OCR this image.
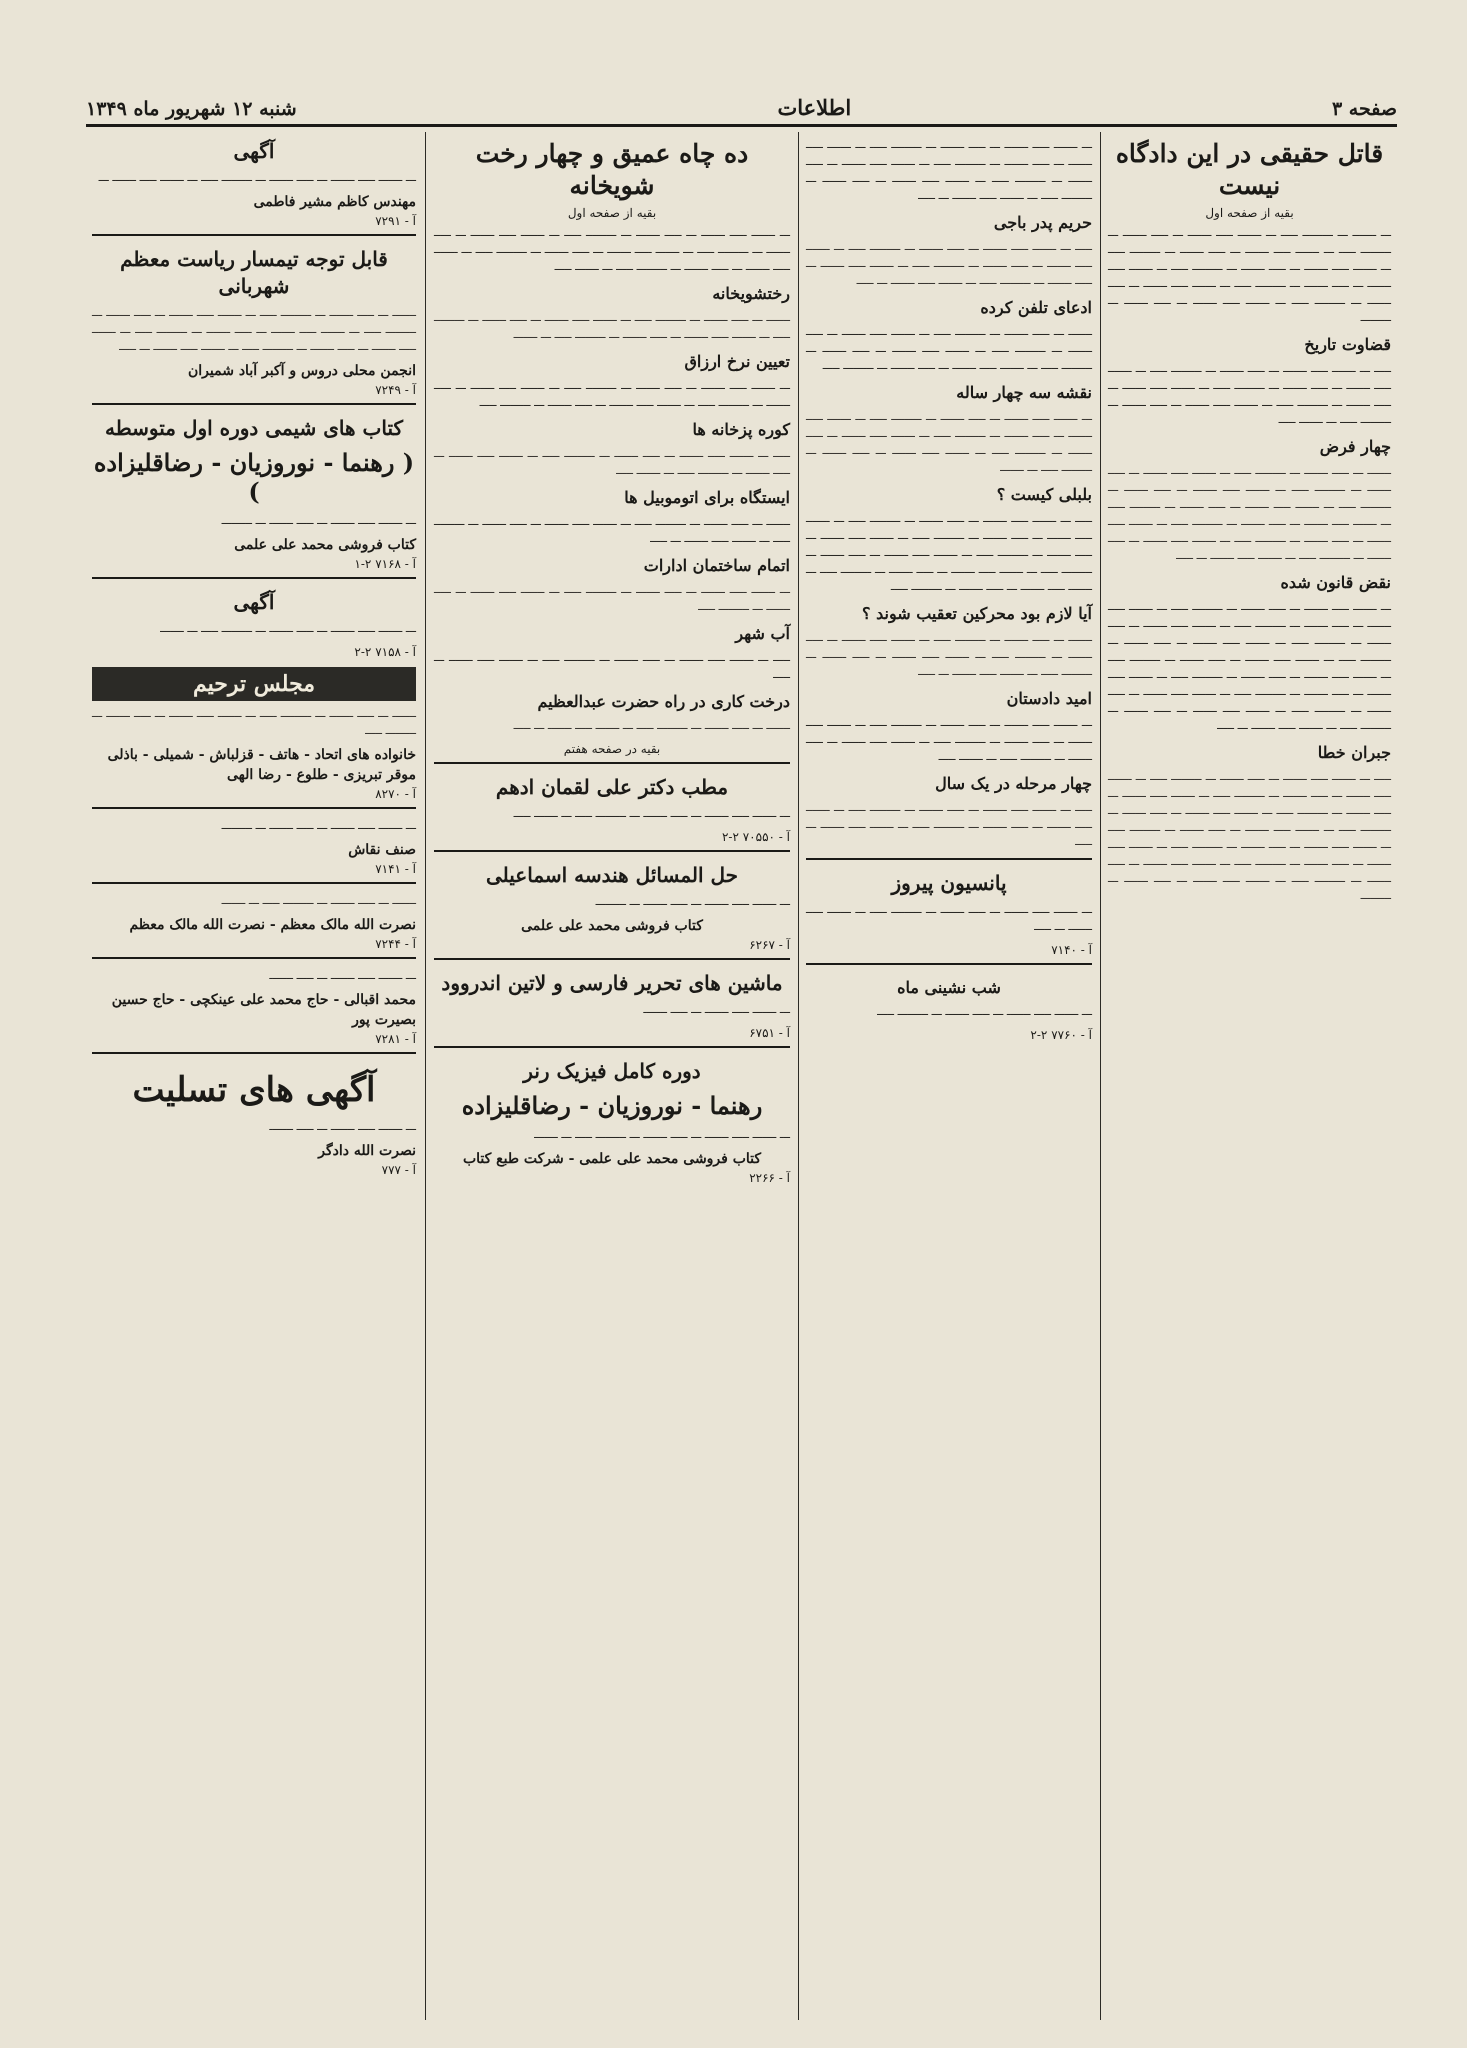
صفحه ۳
اطلاعات
شنبه ۱۲ شهریور ماه ۱۳۴۹
قاتل حقیقی در این دادگاه نیست
بقیه از صفحه اول
ـــ ـــــــ ـــ ـــــــــ ـــــ ـــ ـــــــ ـــــ ـــــــ ـــ ـــــ ـــــــ ـــ ـــــــــ ـــــ ـــ ـــــــ ـــــ ـــــــ ـــ ـــــ ـــــــ ـــ ـــــــــ ـــــ ـــ ـــــــ ـــــ ـــــــ ـــ ـــــ ـــــــ ـــ ـــــــــ ـــــ ـــ ـــــــ ـــــ ـــــــ ـــ ـــــ ـــــــ ـــ ـــــــــ ـــــ ـــ ـــــــ ـــــ ـــــــ ـــ ـــــ ـــــــ ـــ ـــــــــ ـــــ ـــ ـــــــ ـــــ ـــــــ ـــ ـــــ ـــــــ ـــ ـــــــــ
قضاوت تاریخ
ـــــ ـــ ـــــــ ـــــ ـــــــ ـــ ـــــ ـــــــ ـــ ـــــــــ ـــــ ـــ ـــــــ ـــــ ـــــــ ـــ ـــــ ـــــــ ـــ ـــــــــ ـــــ ـــ ـــــــ ـــــ ـــــــ ـــ ـــــ ـــــــ ـــ ـــــــــ ـــــ ـــ ـــــــ ـــــ ـــــــ ـــ ـــــ ـــــــ ـــ ـــــــــ ـــــ ـــ ـــــــ ـــــ
چهار فرض
ـــــــ ـــ ـــــ ـــــــ ـــ ـــــــــ ـــــ ـــ ـــــــ ـــــ ـــــــ ـــ ـــــ ـــــــ ـــ ـــــــــ ـــــ ـــ ـــــــ ـــــ ـــــــ ـــ ـــــ ـــــــ ـــ ـــــــــ ـــــ ـــ ـــــــ ـــــ ـــــــ ـــ ـــــ ـــــــ ـــ ـــــــــ ـــــ ـــ ـــــــ ـــــ ـــــــ ـــ ـــــ ـــــــ ـــ ـــــــــ ـــــ ـــ ـــــــ ـــــ ـــــــ ـــ ـــــ ـــــــ ـــ ـــــــــ ـــــ ـــ ـــــــ ـــــ ـــــــ ـــ ـــــ ـــــــ ـــ ـــــــــ ـــــ ـــ ـــــــ ـــــ ـــــــ ـــ ـــــ
نقض قانون شده
ـــ ـــــــ ـــــ ـــــــ ـــ ـــــ ـــــــ ـــ ـــــــــ ـــــ ـــ ـــــــ ـــــ ـــــــ ـــ ـــــ ـــــــ ـــ ـــــــــ ـــــ ـــ ـــــــ ـــــ ـــــــ ـــ ـــــ ـــــــ ـــ ـــــــــ ـــــ ـــ ـــــــ ـــــ ـــــــ ـــ ـــــ ـــــــ ـــ ـــــــــ ـــــ ـــ ـــــــ ـــــ ـــــــ ـــ ـــــ ـــــــ ـــ ـــــــــ ـــــ ـــ ـــــــ ـــــ ـــــــ ـــ ـــــ ـــــــ ـــ ـــــــــ ـــــ ـــ ـــــــ ـــــ ـــــــ ـــ ـــــ ـــــــ ـــ ـــــــــ ـــــ ـــ ـــــــ ـــــ ـــــــ ـــ ـــــ ـــــــ ـــ ـــــــــ ـــــ ـــ ـــــــ ـــــ ـــــــ ـــ ـــــ ـــــــ ـــ ـــــــــ ـــــ ـــ ـــــــ ـــــ ـــــــ ـــ ـــــ
جبران خطا
ـــــ ـــ ـــــــ ـــــ ـــــــ ـــ ـــــ ـــــــ ـــ ـــــــــ ـــــ ـــ ـــــــ ـــــ ـــــــ ـــ ـــــ ـــــــ ـــ ـــــــــ ـــــ ـــ ـــــــ ـــــ ـــــــ ـــ ـــــ ـــــــ ـــ ـــــــــ ـــــ ـــ ـــــــ ـــــ ـــــــ ـــ ـــــ ـــــــ ـــ ـــــــــ ـــــ ـــ ـــــــ ـــــ ـــــــ ـــ ـــــ ـــــــ ـــ ـــــــــ ـــــ ـــ ـــــــ ـــــ ـــــــ ـــ ـــــ ـــــــ ـــ ـــــــــ ـــــ ـــ ـــــــ ـــــ ـــــــ ـــ ـــــ ـــــــ ـــ ـــــــــ ـــــ ـــ ـــــــ ـــــ ـــــــ ـــ ـــــ ـــــــ ـــ ـــــــــ ـــــ ـــ ـــــــ ـــــ ـــــــ ـــ ـــــ ـــــــ ـــ ـــــــــ
ـــ ـــــــ ـــــ ـــــــ ـــ ـــــ ـــــــ ـــ ـــــــــ ـــــ ـــ ـــــــ ـــــ ـــــــ ـــ ـــــ ـــــــ ـــ ـــــــــ ـــــ ـــ ـــــــ ـــــ ـــــــ ـــ ـــــ ـــــــ ـــ ـــــــــ ـــــ ـــ ـــــــ ـــــ ـــــــ ـــ ـــــ ـــــــ ـــ ـــــــــ ـــــ ـــ ـــــــ ـــــ ـــــــ ـــ ـــــ
حریم پدر باجی
ـــــ ـــ ـــــــ ـــــ ـــــــ ـــ ـــــ ـــــــ ـــ ـــــــــ ـــــ ـــ ـــــــ ـــــ ـــــــ ـــ ـــــ ـــــــ ـــ ـــــــــ ـــــ ـــ ـــــــ ـــــ ـــــــ ـــ ـــــ ـــــــ ـــ ـــــــــ ـــــ ـــ ـــــــ ـــــ ـــــــ ـــ ـــــ
ادعای تلفن کرده
ـــــــ ـــ ـــــ ـــــــ ـــ ـــــــــ ـــــ ـــ ـــــــ ـــــ ـــــــ ـــ ـــــ ـــــــ ـــ ـــــــــ ـــــ ـــ ـــــــ ـــــ ـــــــ ـــ ـــــ ـــــــ ـــ ـــــــــ ـــــ ـــ ـــــــ ـــــ ـــــــ ـــ ـــــ ـــــــ ـــ ـــــــــ ـــــ
نقشه سه چهار ساله
ـــ ـــــــ ـــــ ـــــــ ـــ ـــــ ـــــــ ـــ ـــــــــ ـــــ ـــ ـــــــ ـــــ ـــــــ ـــ ـــــ ـــــــ ـــ ـــــــــ ـــــ ـــ ـــــــ ـــــ ـــــــ ـــ ـــــ ـــــــ ـــ ـــــــــ ـــــ ـــ ـــــــ ـــــ ـــــــ ـــ ـــــ ـــــــ ـــ ـــــــــ ـــــ ـــ ـــــــ
بلبلی کیست ؟
ـــــ ـــ ـــــــ ـــــ ـــــــ ـــ ـــــ ـــــــ ـــ ـــــــــ ـــــ ـــ ـــــــ ـــــ ـــــــ ـــ ـــــ ـــــــ ـــ ـــــــــ ـــــ ـــ ـــــــ ـــــ ـــــــ ـــ ـــــ ـــــــ ـــ ـــــــــ ـــــ ـــ ـــــــ ـــــ ـــــــ ـــ ـــــ ـــــــ ـــ ـــــــــ ـــــ ـــ ـــــــ ـــــ ـــــــ ـــ ـــــ ـــــــ ـــ ـــــــــ ـــــ ـــ ـــــــ ـــــ ـــــــ ـــ ـــــ ـــــــ ـــ ـــــــــ ـــــ
آیا لازم بود محرکین تعقیب شوند ؟
ـــــــ ـــ ـــــ ـــــــ ـــ ـــــــــ ـــــ ـــ ـــــــ ـــــ ـــــــ ـــ ـــــ ـــــــ ـــ ـــــــــ ـــــ ـــ ـــــــ ـــــ ـــــــ ـــ ـــــ ـــــــ ـــ ـــــــــ ـــــ ـــ ـــــــ ـــــ ـــــــ ـــ ـــــ
امید دادستان
ـــ ـــــــ ـــــ ـــــــ ـــ ـــــ ـــــــ ـــ ـــــــــ ـــــ ـــ ـــــــ ـــــ ـــــــ ـــ ـــــ ـــــــ ـــ ـــــــــ ـــــ ـــ ـــــــ ـــــ ـــــــ ـــ ـــــ ـــــــ ـــ ـــــــــ ـــــ ـــ ـــــــ ـــــ
چهار مرحله در یک سال
ـــــ ـــ ـــــــ ـــــ ـــــــ ـــ ـــــ ـــــــ ـــ ـــــــــ ـــــ ـــ ـــــــ ـــــ ـــــــ ـــ ـــــ ـــــــ ـــ ـــــــــ ـــــ ـــ ـــــــ ـــــ ـــــــ ـــ ـــــ
پانسیون پیروز
ـــ ـــــــ ـــــ ـــــــ ـــ ـــــ ـــــــ ـــ ـــــــــ ـــــ ـــ ـــــــ ـــــ ـــــــ ـــ ـــــ
آ - ۷۱۴۰
شب نشینی ماه
ـــ ـــــــ ـــــ ـــــــ ـــ ـــــ ـــــــ ـــ ـــــــــ ـــــ
آ - ۷۷۶۰ ۲-۲
ده چاه عمیق و چهار رخت شویخانه
بقیه از صفحه اول
ـــ ـــــــ ـــــ ـــــــ ـــ ـــــ ـــــــ ـــ ـــــــــ ـــــ ـــ ـــــــ ـــــ ـــــــ ـــ ـــــ ـــــــ ـــ ـــــــــ ـــــ ـــ ـــــــ ـــــ ـــــــ ـــ ـــــ ـــــــ ـــ ـــــــــ ـــــ ـــ ـــــــ ـــــ ـــــــ ـــ ـــــ ـــــــ ـــ ـــــــــ ـــــ ـــ ـــــــ ـــــ
رختشویخانه
ـــــــ ـــ ـــــ ـــــــ ـــ ـــــــــ ـــــ ـــ ـــــــ ـــــ ـــــــ ـــ ـــــ ـــــــ ـــ ـــــــــ ـــــ ـــ ـــــــ ـــــ ـــــــ ـــ ـــــ ـــــــ ـــ ـــــــــ ـــــ ـــ ـــــــ
تعیین نرخ ارزاق
ـــ ـــــــ ـــــ ـــــــ ـــ ـــــ ـــــــ ـــ ـــــــــ ـــــ ـــ ـــــــ ـــــ ـــــــ ـــ ـــــ ـــــــ ـــ ـــــــــ ـــــ ـــ ـــــــ ـــــ ـــــــ ـــ ـــــ ـــــــ ـــ ـــــــــ ـــــ
کوره پزخانه ها
ـــــ ـــ ـــــــ ـــــ ـــــــ ـــ ـــــ ـــــــ ـــ ـــــــــ ـــــ ـــ ـــــــ ـــــ ـــــــ ـــ ـــــ ـــــــ ـــ ـــــــــ ـــــ ـــ ـــــــ ـــــ
ایستگاه برای اتوموبیل ها
ـــــــ ـــ ـــــ ـــــــ ـــ ـــــــــ ـــــ ـــ ـــــــ ـــــ ـــــــ ـــ ـــــ ـــــــ ـــ ـــــــــ ـــــ ـــ ـــــــ ـــــ ـــــــ ـــ ـــــ
اتمام ساختمان ادارات
ـــ ـــــــ ـــــ ـــــــ ـــ ـــــ ـــــــ ـــ ـــــــــ ـــــ ـــ ـــــــ ـــــ ـــــــ ـــ ـــــ ـــــــ ـــ ـــــــــ ـــــ
آب شهر
ـــــ ـــ ـــــــ ـــــ ـــــــ ـــ ـــــ ـــــــ ـــ ـــــــــ ـــــ ـــ ـــــــ ـــــ ـــــــ ـــ ـــــ
درخت کاری در راه حضرت عبدالعظیم
ـــــــ ـــ ـــــ ـــــــ ـــ ـــــــــ ـــــ ـــ ـــــــ ـــــ ـــــــ ـــ ـــــ
بقیه در صفحه هفتم
مطب دکتر علی لقمان ادهم
ـــ ـــــــ ـــــ ـــــــ ـــ ـــــ ـــــــ ـــ ـــــــــ ـــــ ـــ ـــــــ ـــــ
آ - ۷۰۵۵۰ ۲-۲
حل المسائل هندسه اسماعیلی
ـــ ـــــــ ـــــ ـــــــ ـــ ـــــ ـــــــ ـــ ـــــــــ
کتاب فروشی محمد علی علمی
آ - ۶۲۶۷
ماشین های تحریر فارسی و لاتین اندروود
ـــ ـــــــ ـــــ ـــــــ ـــ ـــــ ـــــــ
آ - ۶۷۵۱
دوره کامل فیزیک رنر
رهنما - نوروزیان - رضاقلیزاده
ـــ ـــــــ ـــــ ـــــــ ـــ ـــــ ـــــــ ـــ ـــــــــ ـــــ ـــ ـــــــ
کتاب فروشی محمد علی علمی - شرکت طبع کتاب
آ - ۲۲۶۶
آگهی
ـــ ـــــــ ـــــ ـــــــ ـــ ـــــ ـــــــ ـــ ـــــــــ ـــــ ـــ ـــــــ ـــــ ـــــــ ـــ
مهندس کاظم مشیر فاطمی
آ - ۷۲۹۱
قابل توجه تیمسار ریاست معظم شهربانی
ـــــــ ـــ ـــــ ـــــــ ـــ ـــــــــ ـــــ ـــ ـــــــ ـــــ ـــــــ ـــ ـــــ ـــــــ ـــ ـــــــــ ـــــ ـــ ـــــــ ـــــ ـــــــ ـــ ـــــ ـــــــ ـــ ـــــــــ ـــــ ـــ ـــــــ ـــــ ـــــــ ـــ ـــــ ـــــــ ـــ ـــــــــ ـــــ ـــ ـــــــ ـــــ ـــــــ ـــ ـــــ
انجمن محلی دروس و آکبر آباد شمیران
آ - ۷۲۴۹
کتاب های شیمی دوره اول متوسطه
( رهنما - نوروزیان - رضاقلیزاده )
ـــ ـــــــ ـــــ ـــــــ ـــ ـــــ ـــــــ ـــ ـــــــــ
کتاب فروشی محمد علی علمی
آ - ۷۱۶۸ ۲-۱
آگهی
ـــ ـــــــ ـــــ ـــــــ ـــ ـــــ ـــــــ ـــ ـــــــــ ـــــ ـــ ـــــــ
آ - ۷۱۵۸ ۲-۲
مجلس ترحیم
ـــــــ ـــ ـــــ ـــــــ ـــ ـــــــــ ـــــ ـــ ـــــــ ـــــ ـــــــ ـــ ـــــ ـــــــ ـــ ـــــــــ ـــــ
خانواده های اتحاد - هاتف - قزلباش - شمیلی - باذلی
موقر تبریزی - طلوع - رضا الهی
آ - ۸۲۷۰
ـــ ـــــــ ـــــ ـــــــ ـــ ـــــ ـــــــ ـــ ـــــــــ
صنف نقاش
آ - ۷۱۴۱
ـــــــ ـــ ـــــ ـــــــ ـــ ـــــــــ ـــــ ـــ ـــــــ
نصرت الله مالک معظم - نصرت الله مالک معظم
آ - ۷۲۴۴
ـــ ـــــــ ـــــ ـــــــ ـــ ـــــ ـــــــ
محمد اقبالی - حاج محمد علی عینکچی - حاج حسین
بصیرت پور
آ - ۷۲۸۱
آگهی های تسلیت
ـــ ـــــــ ـــــ ـــــــ ـــ ـــــ ـــــــ
نصرت الله دادگر
آ - ۷۷۷
